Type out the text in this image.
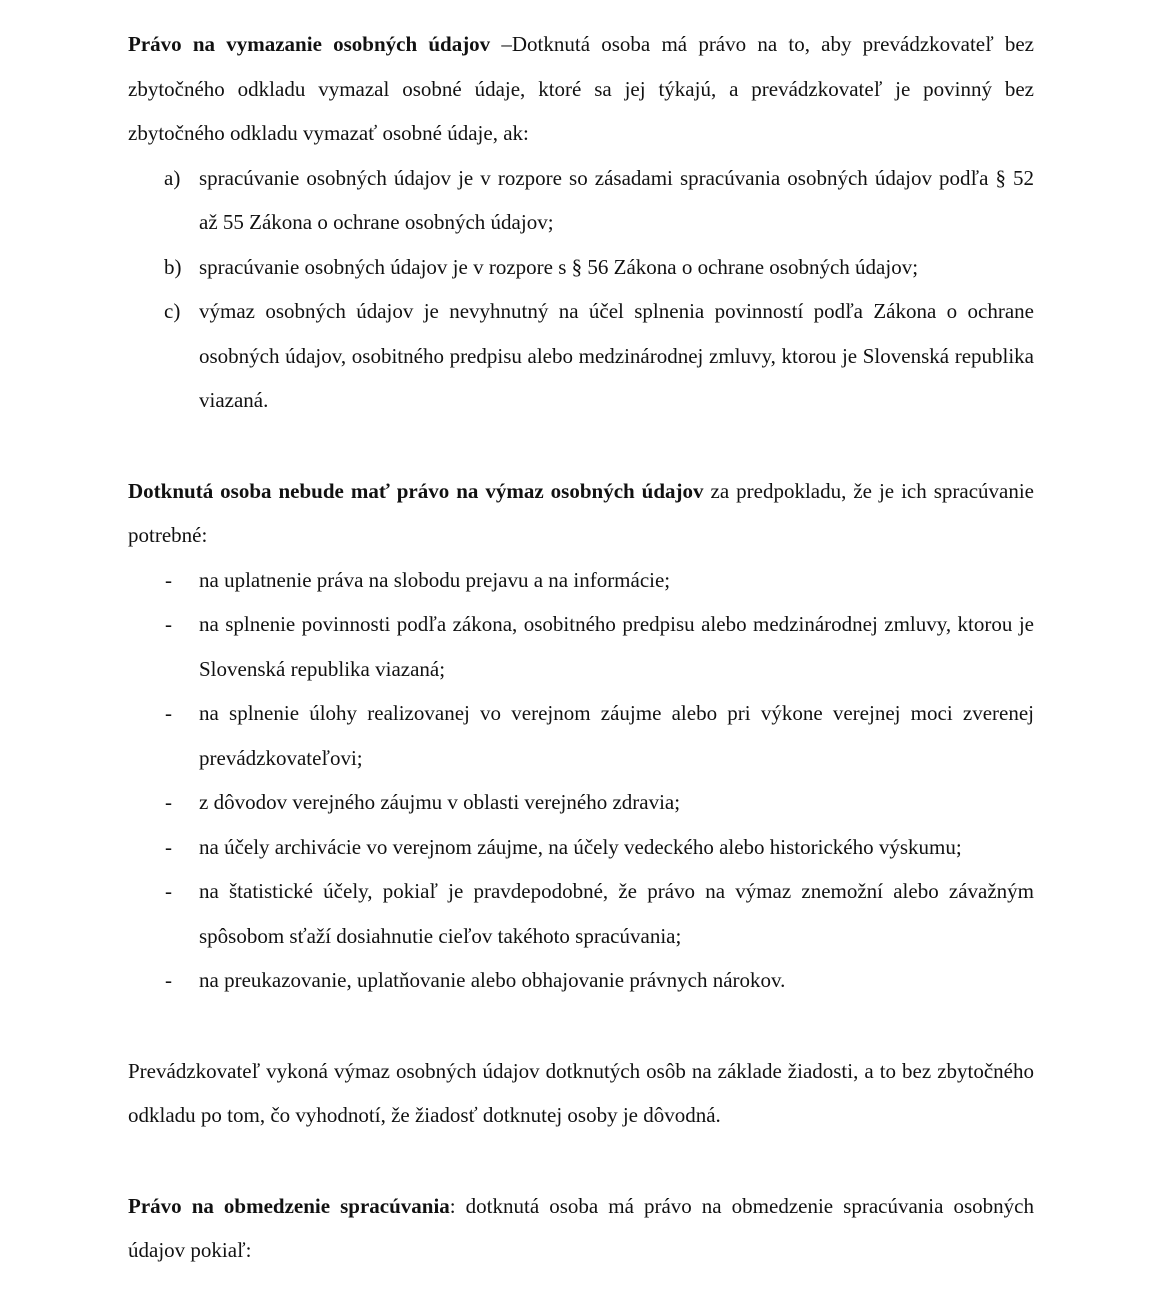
Právo na vymazanie osobných údajov –Dotknutá osoba má právo na to, aby prevádzkovateľ bez zbytočného odkladu vymazal osobné údaje, ktoré sa jej týkajú, a prevádzkovateľ je povinný bez zbytočného odkladu vymazať osobné údaje, ak:

a) spracúvanie osobných údajov je v rozpore so zásadami spracúvania osobných údajov podľa § 52 až 55 Zákona o ochrane osobných údajov;
b) spracúvanie osobných údajov je v rozpore s § 56 Zákona o ochrane osobných údajov;
c) výmaz osobných údajov je nevyhnutný na účel splnenia povinností podľa Zákona o ochrane osobných údajov, osobitného predpisu alebo medzinárodnej zmluvy, ktorou je Slovenská republika viazaná.

Dotknutá osoba nebude mať právo na výmaz osobných údajov za predpokladu, že je ich spracúvanie potrebné:

- na uplatnenie práva na slobodu prejavu a na informácie;
- na splnenie povinnosti podľa zákona, osobitného predpisu alebo medzinárodnej zmluvy, ktorou je Slovenská republika viazaná;
- na splnenie úlohy realizovanej vo verejnom záujme alebo pri výkone verejnej moci zverenej prevádzkovateľovi;
- z dôvodov verejného záujmu v oblasti verejného zdravia;
- na účely archivácie vo verejnom záujme, na účely vedeckého alebo historického výskumu;
- na štatistické účely, pokiaľ je pravdepodobné, že právo na výmaz znemožní alebo závažným spôsobom sťaží dosiahnutie cieľov takéhoto spracúvania;
- na preukazovanie, uplatňovanie alebo obhajovanie právnych nárokov.

Prevádzkovateľ vykoná výmaz osobných údajov dotknutých osôb na základe žiadosti, a to bez zbytočného odkladu po tom, čo vyhodnotí, že žiadosť dotknutej osoby je dôvodná.

Právo na obmedzenie spracúvania: dotknutá osoba má právo na obmedzenie spracúvania osobných údajov pokiaľ:
